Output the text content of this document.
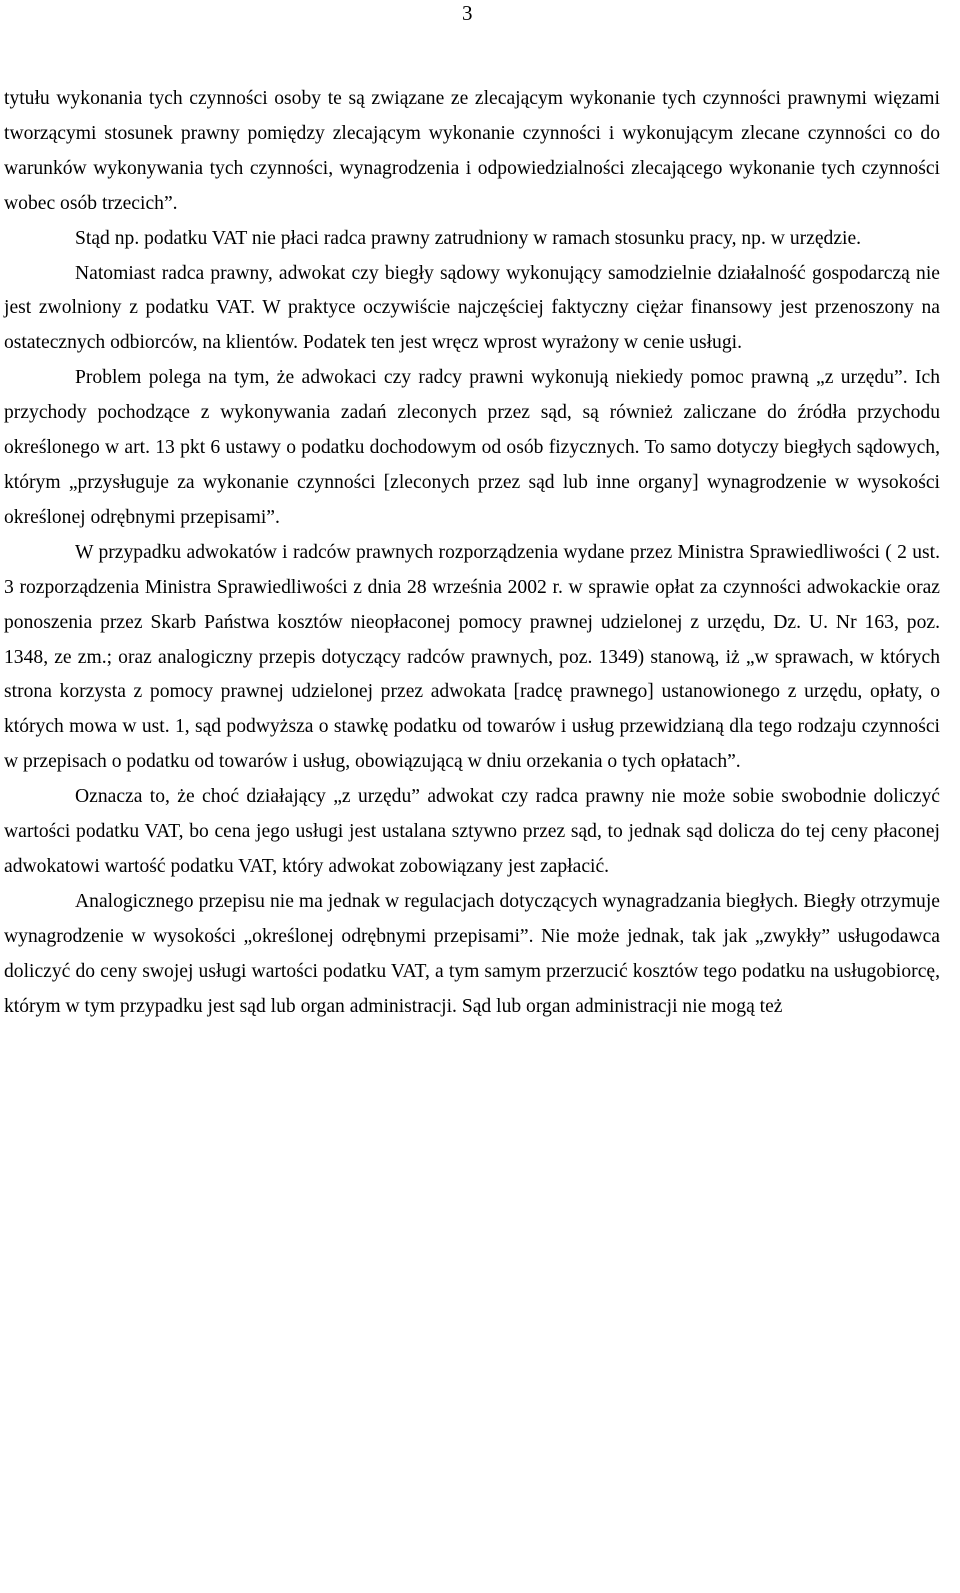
3

tytułu wykonania tych czynności osoby te są związane ze zlecającym wykonanie tych czynności prawnymi więzami tworzącymi stosunek prawny pomiędzy zlecającym wykonanie czynności i wykonującym zlecane czynności co do warunków wykonywania tych czynności, wynagrodzenia i odpowiedzialności zlecającego wykonanie tych czynności wobec osób trzecich”.

Stąd np. podatku VAT nie płaci radca prawny zatrudniony w ramach stosunku pracy, np. w urzędzie.

Natomiast radca prawny, adwokat czy biegły sądowy wykonujący samodzielnie działalność gospodarczą nie jest zwolniony z podatku VAT. W praktyce oczywiście najczęściej faktyczny ciężar finansowy jest przenoszony na ostatecznych odbiorców, na klientów. Podatek ten jest wręcz wprost wyrażony w cenie usługi.

Problem polega na tym, że adwokaci czy radcy prawni wykonują niekiedy pomoc prawną „z urzędu”. Ich przychody pochodzące z wykonywania zadań zleconych przez sąd, są również zaliczane do źródła przychodu określonego w art. 13 pkt 6 ustawy o podatku dochodowym od osób fizycznych. To samo dotyczy biegłych sądowych, którym „przysługuje za wykonanie czynności [zleconych przez sąd lub inne organy] wynagrodzenie w wysokości określonej odrębnymi przepisami”.

W przypadku adwokatów i radców prawnych rozporządzenia wydane przez Ministra Sprawiedliwości ( 2 ust. 3 rozporządzenia Ministra Sprawiedliwości z dnia 28 września 2002 r. w sprawie opłat za czynności adwokackie oraz ponoszenia przez Skarb Państwa kosztów nieopłaconej pomocy prawnej udzielonej z urzędu, Dz. U. Nr 163, poz. 1348, ze zm.; oraz analogiczny przepis dotyczący radców prawnych, poz. 1349) stanową, iż „w sprawach, w których strona korzysta z pomocy prawnej udzielonej przez adwokata [radcę prawnego] ustanowionego z urzędu, opłaty, o których mowa w ust. 1, sąd podwyższa o stawkę podatku od towarów i usług przewidzianą dla tego rodzaju czynności w przepisach o podatku od towarów i usług, obowiązującą w dniu orzekania o tych opłatach”.

Oznacza to, że choć działający „z urzędu” adwokat czy radca prawny nie może sobie swobodnie doliczyć wartości podatku VAT, bo cena jego usługi jest ustalana sztywno przez sąd, to jednak sąd dolicza do tej ceny płaconej adwokatowi wartość podatku VAT, który adwokat zobowiązany jest zapłacić.

Analogicznego przepisu nie ma jednak w regulacjach dotyczących wynagradzania biegłych. Biegły otrzymuje wynagrodzenie w wysokości „określonej odrębnymi przepisami”. Nie może jednak, tak jak „zwykły” usługodawca doliczyć do ceny swojej usługi wartości podatku VAT, a tym samym przerzucić kosztów tego podatku na usługobiorcę, którym w tym przypadku jest sąd lub organ administracji. Sąd lub organ administracji nie mogą też
